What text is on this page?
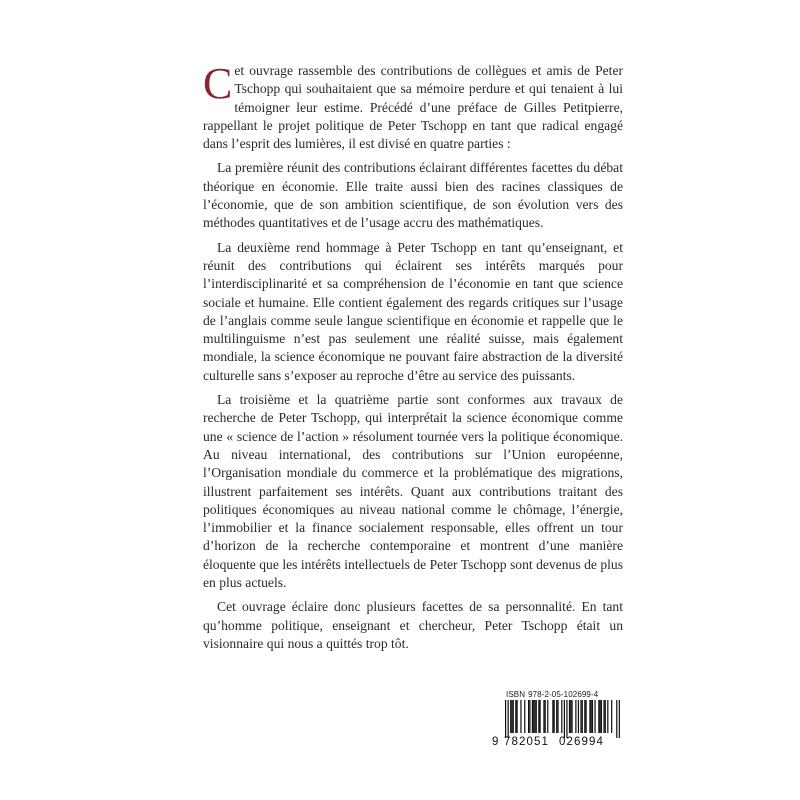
Cet ouvrage rassemble des contributions de collègues et amis de Peter Tschopp qui souhaitaient que sa mémoire perdure et qui tenaient à lui témoigner leur estime. Précédé d’une préface de Gilles Petitpierre, rappellant le projet politique de Peter Tschopp en tant que radical engagé dans l’esprit des lumières, il est divisé en quatre parties :

La première réunit des contributions éclairant différentes facettes du débat théorique en économie. Elle traite aussi bien des racines classiques de l’économie, que de son ambition scientifique, de son évolution vers des méthodes quantitatives et de l’usage accru des mathématiques.

La deuxième rend hommage à Peter Tschopp en tant qu’enseignant, et réunit des contributions qui éclairent ses intérêts marqués pour l’interdisciplinarité et sa compréhension de l’économie en tant que science sociale et humaine. Elle contient également des regards critiques sur l’usage de l’anglais comme seule langue scientifique en économie et rappelle que le multilinguisme n’est pas seulement une réalité suisse, mais également mondiale, la science économique ne pouvant faire abstraction de la diversité culturelle sans s’exposer au reproche d’être au service des puissants.

La troisième et la quatrième partie sont conformes aux travaux de recherche de Peter Tschopp, qui interprétait la science économique comme une « science de l’action » résolument tournée vers la politique économique. Au niveau international, des contributions sur l’Union européenne, l’Organisation mondiale du commerce et la problématique des migrations, illustrent parfaitement ses intérêts. Quant aux contributions traitant des politiques économiques au niveau national comme le chômage, l’énergie, l’immobilier et la finance socialement responsable, elles offrent un tour d’horizon de la recherche contemporaine et montrent d’une manière éloquente que les intérêts intellectuels de Peter Tschopp sont devenus de plus en plus actuels.

Cet ouvrage éclaire donc plusieurs facettes de sa personnalité. En tant qu’homme politique, enseignant et chercheur, Peter Tschopp était un visionnaire qui nous a quittés trop tôt.

ISBN 978-2-05-102699-4
9 782051 026994
